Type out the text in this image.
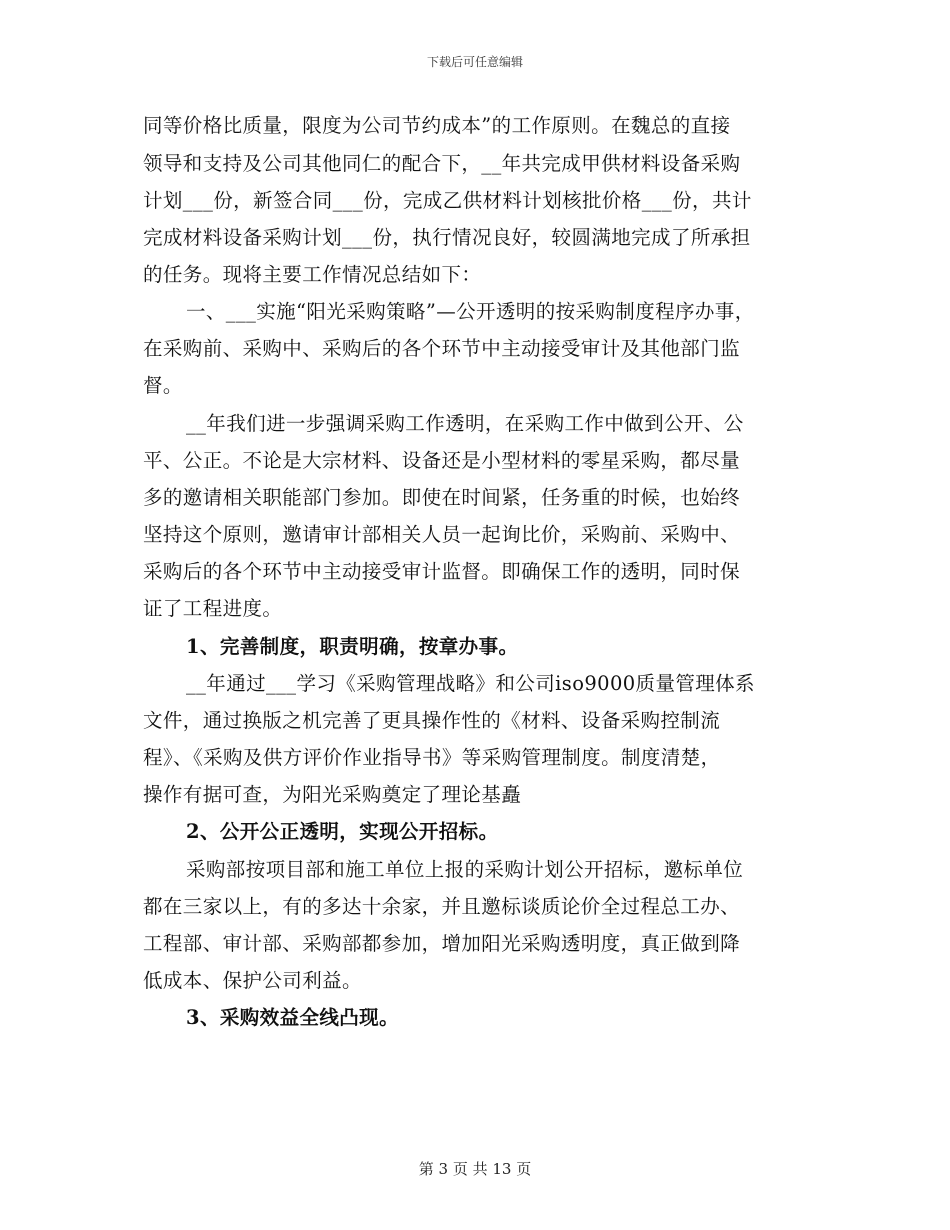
下载后可任意编辑
同等价格比质量，限度为公司节约成本”的工作原则。在魏总的直接
领导和支持及公司其他同仁的配合下，__年共完成甲供材料设备采购
计划___份，新签合同___份，完成乙供材料计划核批价格___份，共计
完成材料设备采购计划___份，执行情况良好，较圆满地完成了所承担
的任务。现将主要工作情况总结如下：
一、___实施“阳光采购策略”—公开透明的按采购制度程序办事，
在采购前、采购中、采购后的各个环节中主动接受审计及其他部门监
督。
__年我们进一步强调采购工作透明，在采购工作中做到公开、公
平、公正。不论是大宗材料、设备还是小型材料的零星采购，都尽量
多的邀请相关职能部门参加。即使在时间紧，任务重的时候，也始终
坚持这个原则，邀请审计部相关人员一起询比价，采购前、采购中、
采购后的各个环节中主动接受审计监督。即确保工作的透明，同时保
证了工程进度。
1、完善制度，职责明确，按章办事。
__年通过___学习《采购管理战略》和公司iso9000质量管理体系
文件，通过换版之机完善了更具操作性的《材料、设备采购控制流
程》、《采购及供方评价作业指导书》等采购管理制度。制度清楚，
操作有据可查，为阳光采购奠定了理论基矗
2、公开公正透明，实现公开招标。
采购部按项目部和施工单位上报的采购计划公开招标，邀标单位
都在三家以上，有的多达十余家，并且邀标谈质论价全过程总工办、
工程部、审计部、采购部都参加，增加阳光采购透明度，真正做到降
低成本、保护公司利益。
3、采购效益全线凸现。
第 3 页 共 13 页
